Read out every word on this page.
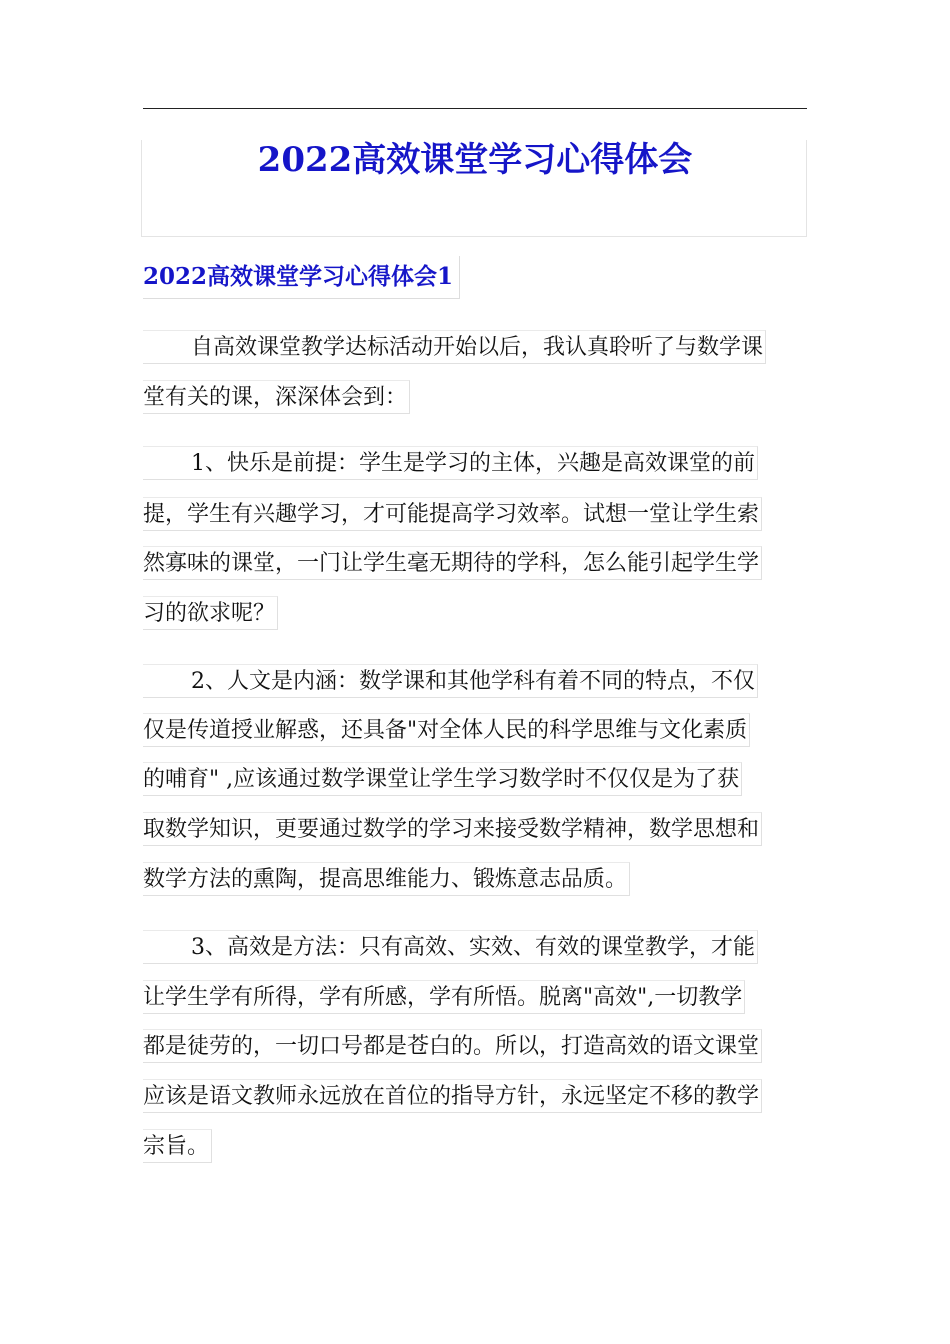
2022高效课堂学习心得体会
2022高效课堂学习心得体会1
自高效课堂教学达标活动开始以后，我认真聆听了与数学课
堂有关的课，深深体会到：
1、快乐是前提：学生是学习的主体，兴趣是高效课堂的前
提，学生有兴趣学习，才可能提高学习效率。试想一堂让学生索
然寡味的课堂，一门让学生毫无期待的学科，怎么能引起学生学
习的欲求呢？
2、人文是内涵：数学课和其他学科有着不同的特点，不仅
仅是传道授业解惑，还具备"对全体人民的科学思维与文化素质
的哺育" ,应该通过数学课堂让学生学习数学时不仅仅是为了获
取数学知识，更要通过数学的学习来接受数学精神，数学思想和
数学方法的熏陶，提高思维能力、锻炼意志品质。
3、高效是方法：只有高效、实效、有效的课堂教学，才能
让学生学有所得，学有所感，学有所悟。脱离"高效",一切教学
都是徒劳的，一切口号都是苍白的。所以，打造高效的语文课堂
应该是语文教师永远放在首位的指导方针，永远坚定不移的教学
宗旨。
